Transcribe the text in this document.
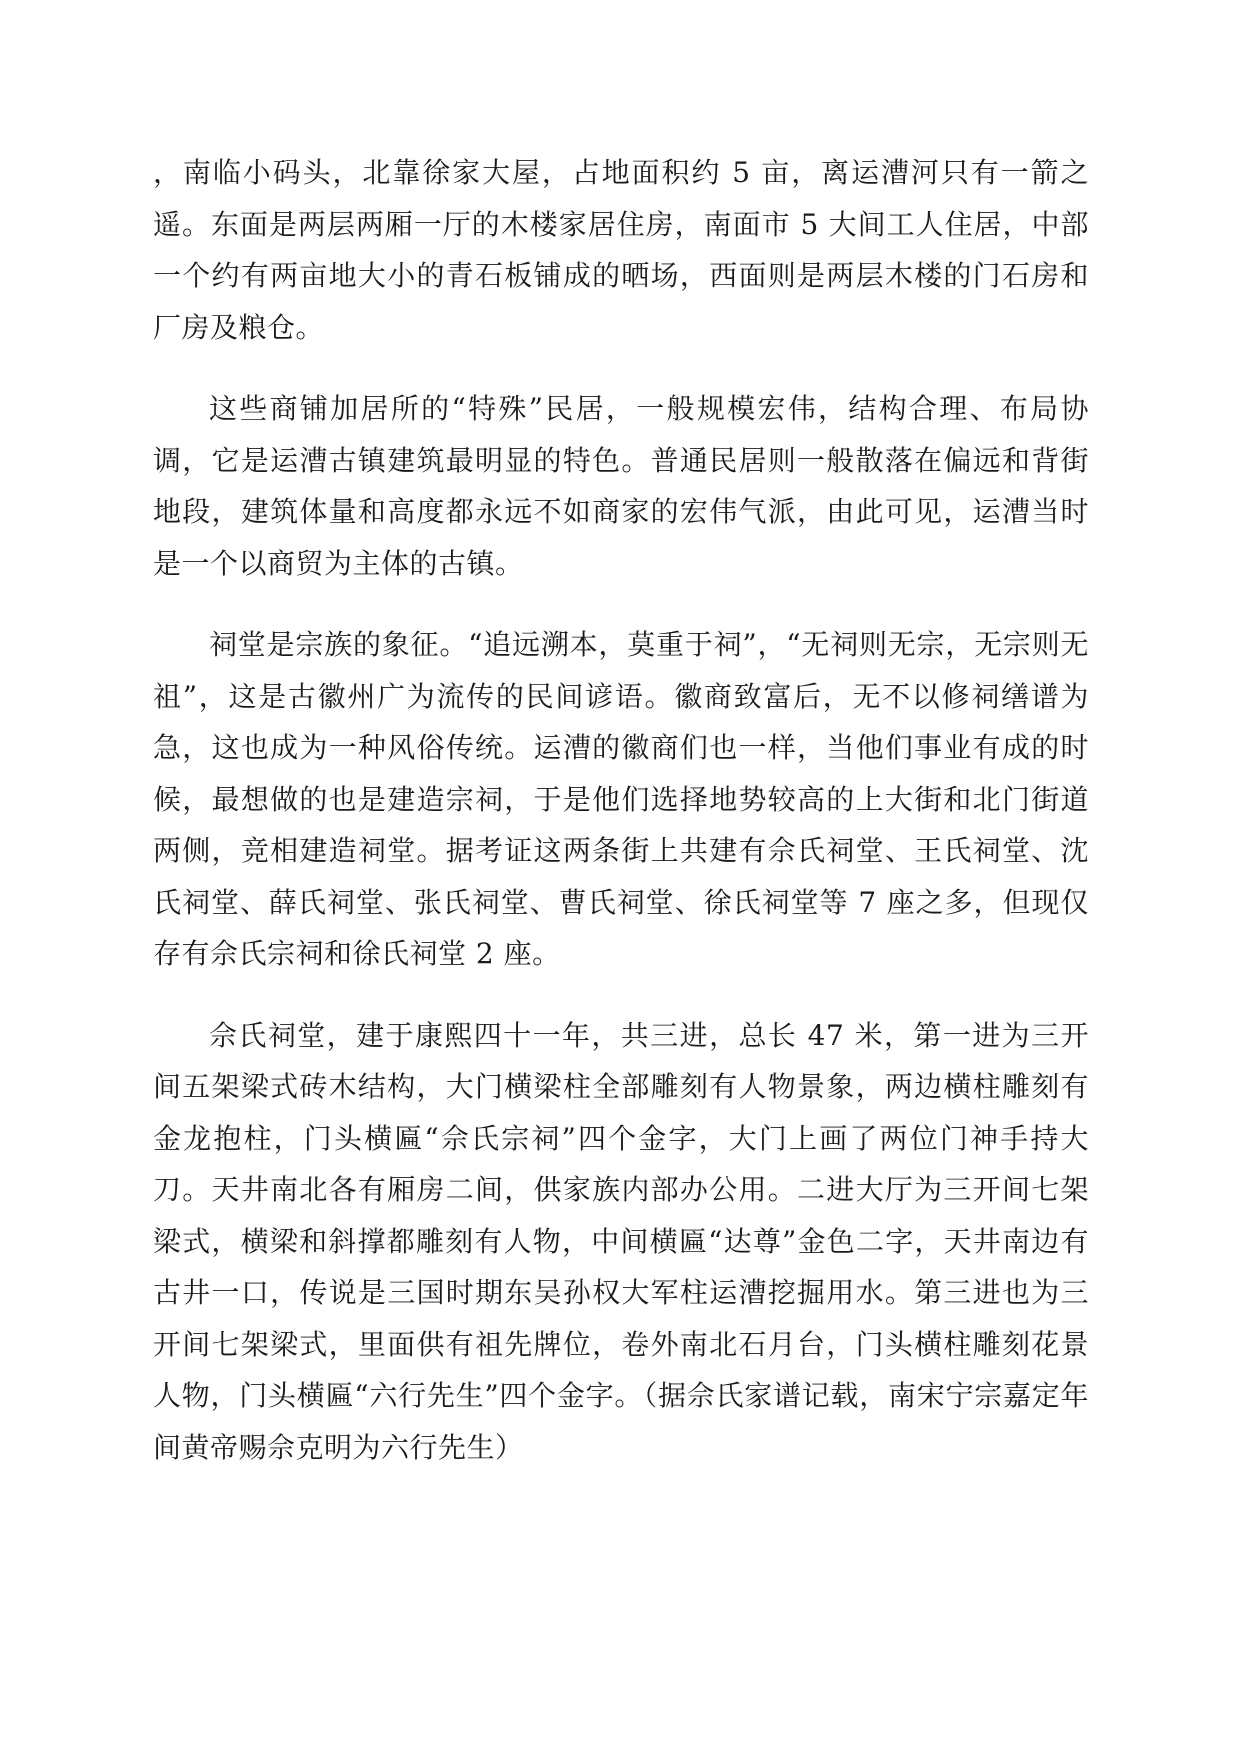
，南临小码头，北靠徐家大屋，占地面积约 5 亩，离运漕河只有一箭之遥。东面是两层两厢一厅的木楼家居住房，南面市 5 大间工人住居，中部一个约有两亩地大小的青石板铺成的晒场，西面则是两层木楼的门石房和厂房及粮仓。

这些商铺加居所的“特殊”民居，一般规模宏伟，结构合理、布局协调，它是运漕古镇建筑最明显的特色。普通民居则一般散落在偏远和背街地段，建筑体量和高度都永远不如商家的宏伟气派，由此可见，运漕当时是一个以商贸为主体的古镇。

祠堂是宗族的象征。“追远溯本，莫重于祠”，“无祠则无宗，无宗则无祖”，这是古徽州广为流传的民间谚语。徽商致富后，无不以修祠缮谱为急，这也成为一种风俗传统。运漕的徽商们也一样，当他们事业有成的时候，最想做的也是建造宗祠，于是他们选择地势较高的上大街和北门街道两侧，竞相建造祠堂。据考证这两条街上共建有佘氏祠堂、王氏祠堂、沈氏祠堂、薛氏祠堂、张氏祠堂、曹氏祠堂、徐氏祠堂等 7 座之多，但现仅存有佘氏宗祠和徐氏祠堂 2 座。

佘氏祠堂，建于康熙四十一年，共三进，总长 47 米，第一进为三开间五架梁式砖木结构，大门横梁柱全部雕刻有人物景象，两边横柱雕刻有金龙抱柱，门头横匾“佘氏宗祠”四个金字，大门上画了两位门神手持大刀。天井南北各有厢房二间，供家族内部办公用。二进大厅为三开间七架梁式，横梁和斜撑都雕刻有人物，中间横匾“达尊”金色二字，天井南边有古井一口，传说是三国时期东吴孙权大军柱运漕挖掘用水。第三进也为三开间七架梁式，里面供有祖先牌位，卷外南北石月台，门头横柱雕刻花景人物，门头横匾“六行先生”四个金字。（据佘氏家谱记载，南宋宁宗嘉定年间黄帝赐佘克明为六行先生）
